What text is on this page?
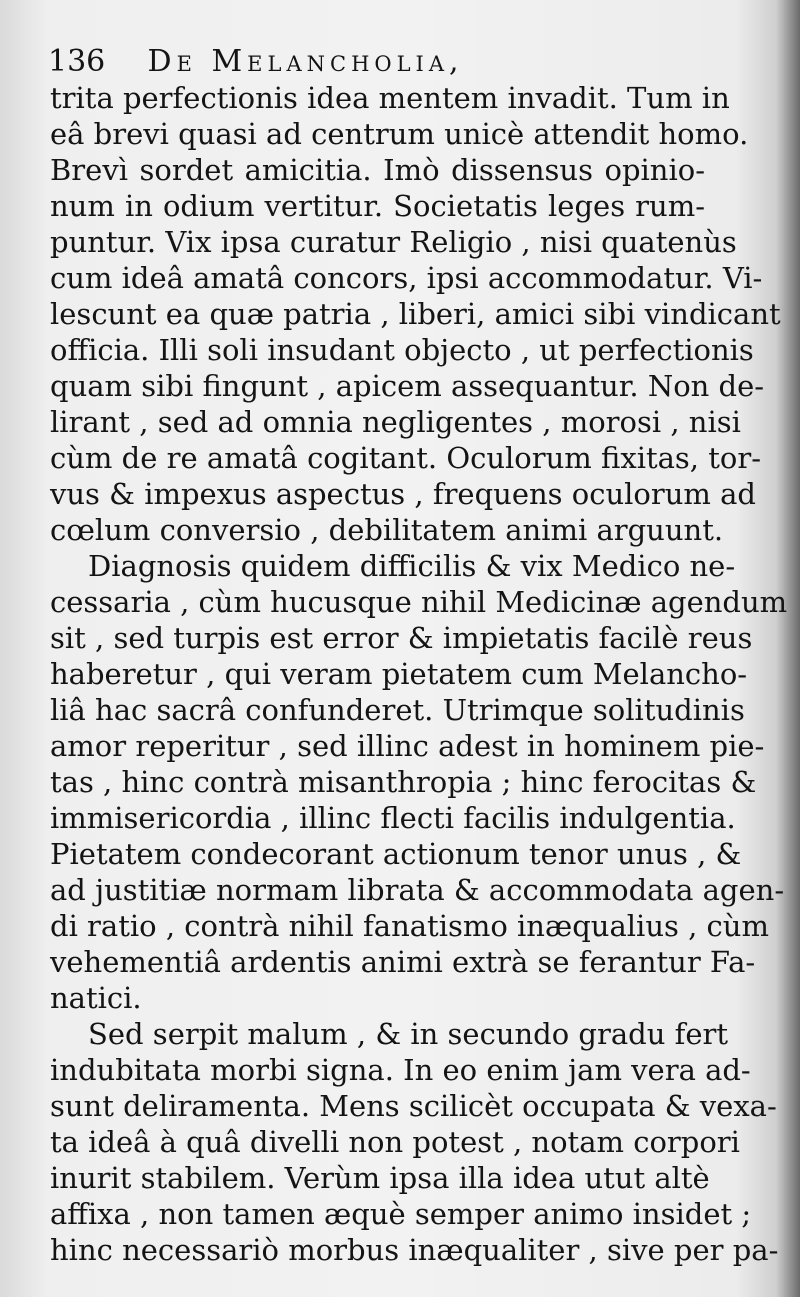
136 De Melancholia,
trita perfectionis idea mentem invadit. Tum in
eâ brevi quasi ad centrum unicè attendit homo.
Brevì sordet amicitia. Imò dissensus opinio-
num in odium vertitur. Societatis leges rum-
puntur. Vix ipsa curatur Religio , nisi quatenùs
cum ideâ amatâ concors, ipsi accommodatur. Vi-
lescunt ea quæ patria , liberi, amici sibi vindicant
officia. Illi soli insudant objecto , ut perfectionis
quam sibi fingunt , apicem assequantur. Non de-
lirant , sed ad omnia negligentes , morosi , nisi
cùm de re amatâ cogitant. Oculorum fixitas, tor-
vus & impexus aspectus , frequens oculorum ad
cœlum conversio , debilitatem animi arguunt.
Diagnosis quidem difficilis & vix Medico ne-
cessaria , cùm hucusque nihil Medicinæ agendum
sit , sed turpis est error & impietatis facilè reus
haberetur , qui veram pietatem cum Melancho-
liâ hac sacrâ confunderet. Utrimque solitudinis
amor reperitur , sed illinc adest in hominem pie-
tas , hinc contrà misanthropia ; hinc ferocitas &
immisericordia , illinc flecti facilis indulgentia.
Pietatem condecorant actionum tenor unus , &
ad justitiæ normam librata & accommodata agen-
di ratio , contrà nihil fanatismo inæqualius , cùm
vehementiâ ardentis animi extrà se ferantur Fa-
natici.
Sed serpit malum , & in secundo gradu fert
indubitata morbi signa. In eo enim jam vera ad-
sunt deliramenta. Mens scilicèt occupata & vexa-
ta ideâ à quâ divelli non potest , notam corpori
inurit stabilem. Verùm ipsa illa idea utut altè
affixa , non tamen æquè semper animo insidet ;
hinc necessariò morbus inæqualiter , sive per pa-
